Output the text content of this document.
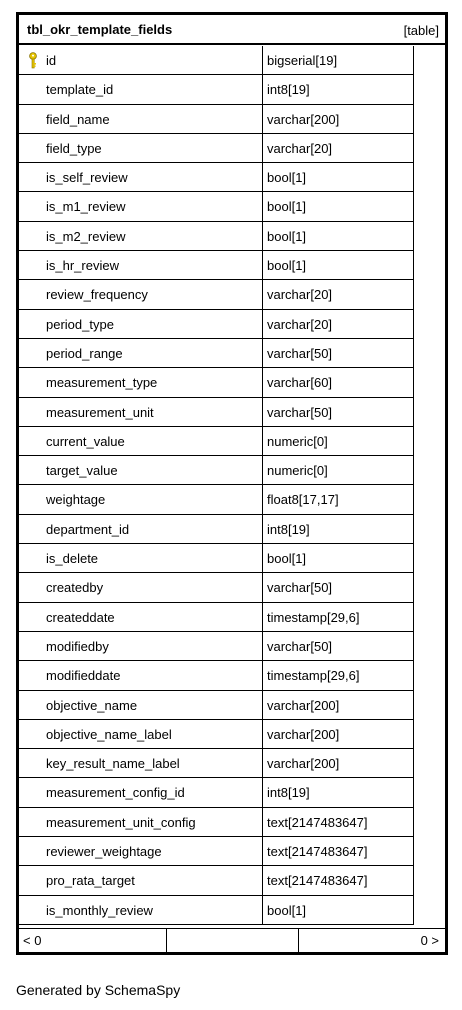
tbl_okr_template_fields	[table]
id	bigserial[19]
template_id	int8[19]
field_name	varchar[200]
field_type	varchar[20]
is_self_review	bool[1]
is_m1_review	bool[1]
is_m2_review	bool[1]
is_hr_review	bool[1]
review_frequency	varchar[20]
period_type	varchar[20]
period_range	varchar[50]
measurement_type	varchar[60]
measurement_unit	varchar[50]
current_value	numeric[0]
target_value	numeric[0]
weightage	float8[17,17]
department_id	int8[19]
is_delete	bool[1]
createdby	varchar[50]
createddate	timestamp[29,6]
modifiedby	varchar[50]
modifieddate	timestamp[29,6]
objective_name	varchar[200]
objective_name_label	varchar[200]
key_result_name_label	varchar[200]
measurement_config_id	int8[19]
measurement_unit_config	text[2147483647]
reviewer_weightage	text[2147483647]
pro_rata_target	text[2147483647]
is_monthly_review	bool[1]
< 0	0 >
Generated by SchemaSpy
